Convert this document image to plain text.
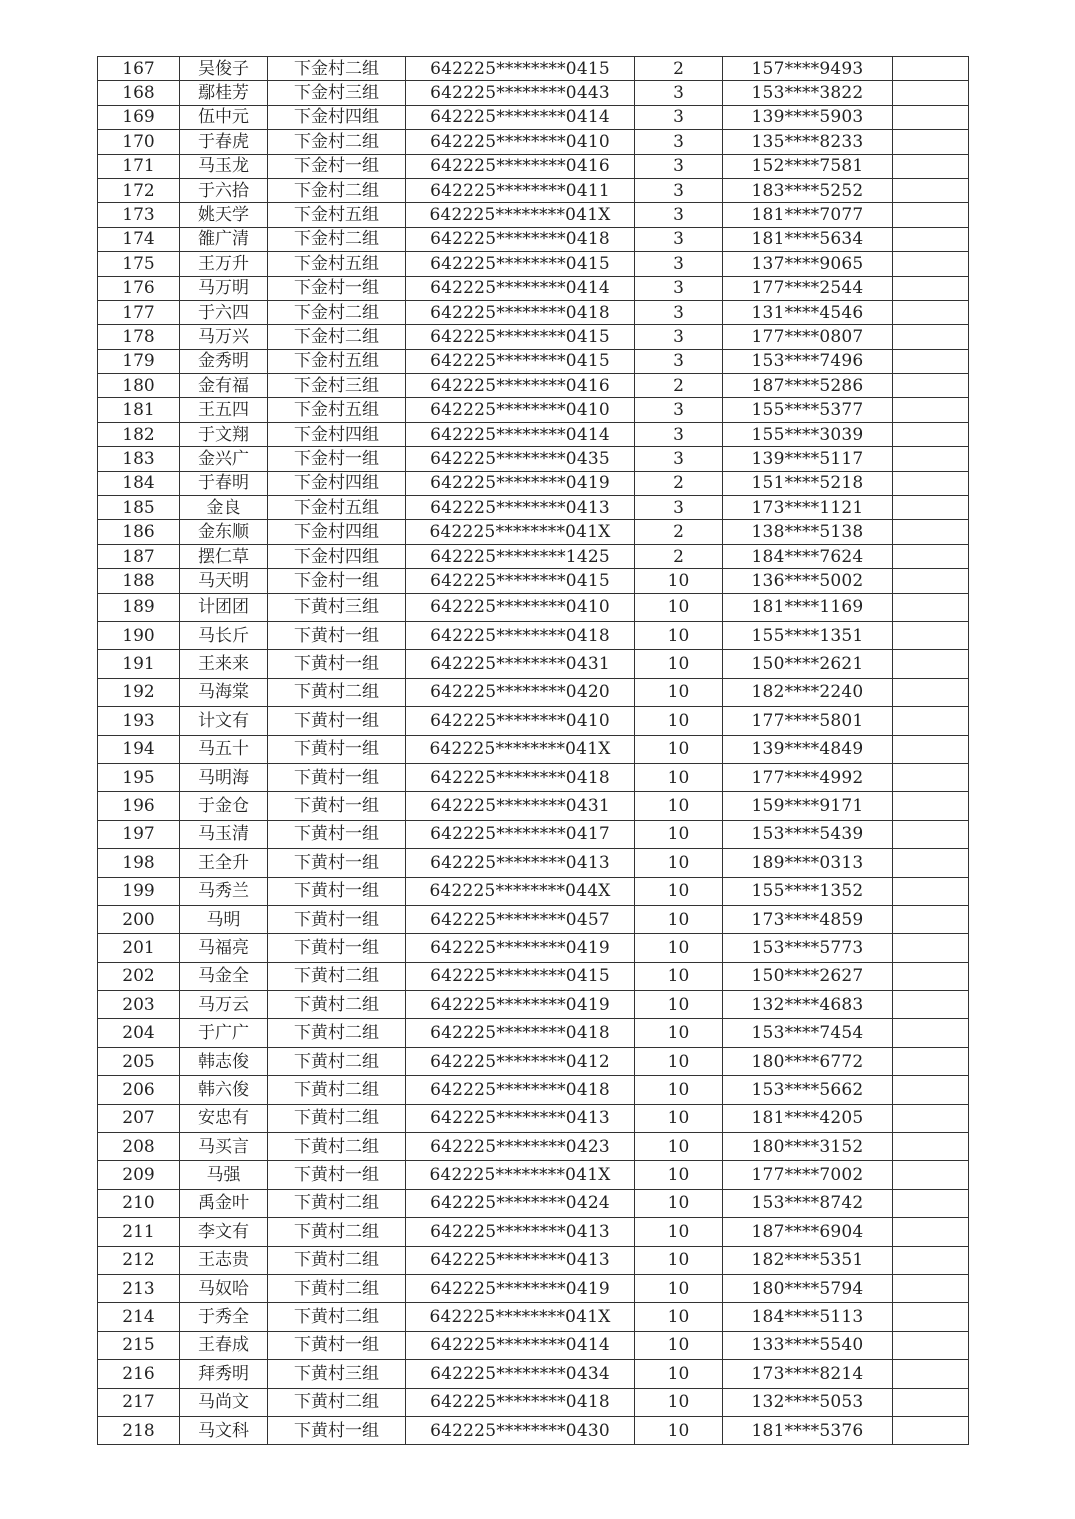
167	吴俊子	下金村二组	642225********0415	2	157****9493	
168	鄢桂芳	下金村三组	642225********0443	3	153****3822	
169	伍中元	下金村四组	642225********0414	3	139****5903	
170	于春虎	下金村二组	642225********0410	3	135****8233	
171	马玉龙	下金村一组	642225********0416	3	152****7581	
172	于六拾	下金村二组	642225********0411	3	183****5252	
173	姚天学	下金村五组	642225********041X	3	181****7077	
174	雒广清	下金村二组	642225********0418	3	181****5634	
175	王万升	下金村五组	642225********0415	3	137****9065	
176	马万明	下金村一组	642225********0414	3	177****2544	
177	于六四	下金村二组	642225********0418	3	131****4546	
178	马万兴	下金村二组	642225********0415	3	177****0807	
179	金秀明	下金村五组	642225********0415	3	153****7496	
180	金有福	下金村三组	642225********0416	2	187****5286	
181	王五四	下金村五组	642225********0410	3	155****5377	
182	于文翔	下金村四组	642225********0414	3	155****3039	
183	金兴广	下金村一组	642225********0435	3	139****5117	
184	于春明	下金村四组	642225********0419	2	151****5218	
185	金良	下金村五组	642225********0413	3	173****1121	
186	金东顺	下金村四组	642225********041X	2	138****5138	
187	摆仁草	下金村四组	642225********1425	2	184****7624	
188	马天明	下金村一组	642225********0415	10	136****5002	
189	计团团	下黄村三组	642225********0410	10	181****1169	
190	马长斤	下黄村一组	642225********0418	10	155****1351	
191	王来来	下黄村一组	642225********0431	10	150****2621	
192	马海棠	下黄村二组	642225********0420	10	182****2240	
193	计文有	下黄村一组	642225********0410	10	177****5801	
194	马五十	下黄村一组	642225********041X	10	139****4849	
195	马明海	下黄村一组	642225********0418	10	177****4992	
196	于金仓	下黄村一组	642225********0431	10	159****9171	
197	马玉清	下黄村一组	642225********0417	10	153****5439	
198	王全升	下黄村一组	642225********0413	10	189****0313	
199	马秀兰	下黄村一组	642225********044X	10	155****1352	
200	马明	下黄村一组	642225********0457	10	173****4859	
201	马福亮	下黄村一组	642225********0419	10	153****5773	
202	马金全	下黄村二组	642225********0415	10	150****2627	
203	马万云	下黄村二组	642225********0419	10	132****4683	
204	于广广	下黄村二组	642225********0418	10	153****7454	
205	韩志俊	下黄村二组	642225********0412	10	180****6772	
206	韩六俊	下黄村二组	642225********0418	10	153****5662	
207	安忠有	下黄村二组	642225********0413	10	181****4205	
208	马买言	下黄村二组	642225********0423	10	180****3152	
209	马强	下黄村一组	642225********041X	10	177****7002	
210	禹金叶	下黄村二组	642225********0424	10	153****8742	
211	李文有	下黄村二组	642225********0413	10	187****6904	
212	王志贵	下黄村二组	642225********0413	10	182****5351	
213	马奴哈	下黄村二组	642225********0419	10	180****5794	
214	于秀全	下黄村二组	642225********041X	10	184****5113	
215	王春成	下黄村一组	642225********0414	10	133****5540	
216	拜秀明	下黄村三组	642225********0434	10	173****8214	
217	马尚文	下黄村二组	642225********0418	10	132****5053	
218	马文科	下黄村一组	642225********0430	10	181****5376	
